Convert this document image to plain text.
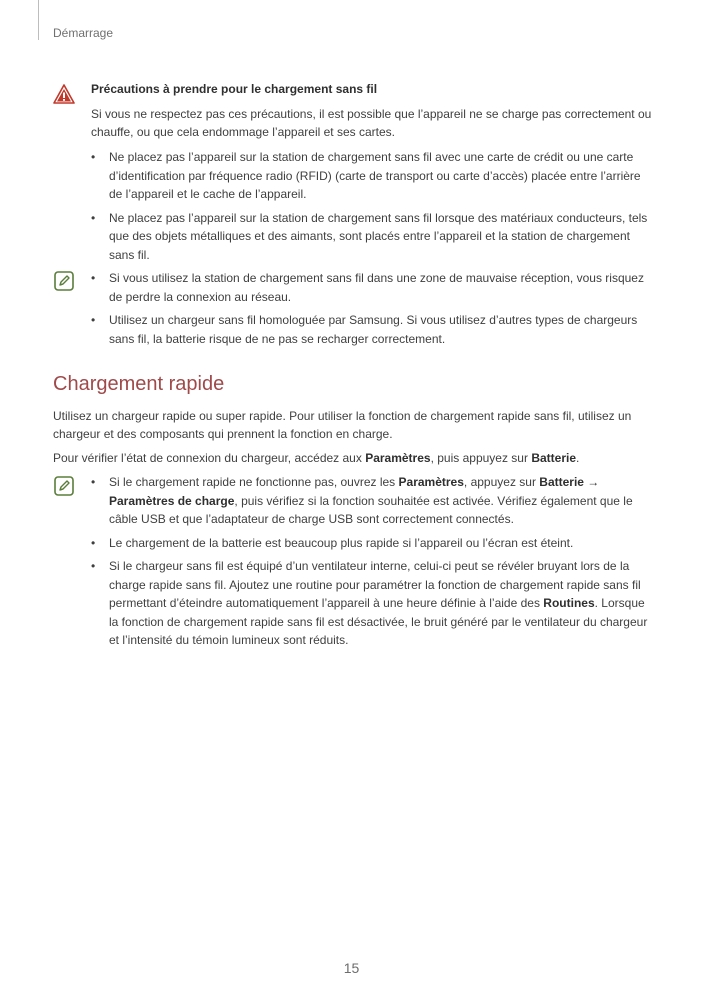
Démarrage
Précautions à prendre pour le chargement sans fil

Si vous ne respectez pas ces précautions, il est possible que l’appareil ne se charge pas correctement ou chauffe, ou que cela endommage l’appareil et ses cartes.

• Ne placez pas l’appareil sur la station de chargement sans fil avec une carte de crédit ou une carte d’identification par fréquence radio (RFID) (carte de transport ou carte d’accès) placée entre l’arrière de l’appareil et le cache de l’appareil.
• Ne placez pas l’appareil sur la station de chargement sans fil lorsque des matériaux conducteurs, tels que des objets métalliques et des aimants, sont placés entre l’appareil et la station de chargement sans fil.
• Si vous utilisez la station de chargement sans fil dans une zone de mauvaise réception, vous risquez de perdre la connexion au réseau.
• Utilisez un chargeur sans fil homologuée par Samsung. Si vous utilisez d’autres types de chargeurs sans fil, la batterie risque de ne pas se recharger correctement.
Chargement rapide

Utilisez un chargeur rapide ou super rapide. Pour utiliser la fonction de chargement rapide sans fil, utilisez un chargeur et des composants qui prennent la fonction en charge.

Pour vérifier l’état de connexion du chargeur, accédez aux Paramètres, puis appuyez sur Batterie.

• Si le chargement rapide ne fonctionne pas, ouvrez les Paramètres, appuyez sur Batterie → Paramètres de charge, puis vérifiez si la fonction souhaitée est activée. Vérifiez également que le câble USB et que l’adaptateur de charge USB sont correctement connectés.
• Le chargement de la batterie est beaucoup plus rapide si l’appareil ou l’écran est éteint.
• Si le chargeur sans fil est équipé d’un ventilateur interne, celui-ci peut se révéler bruyant lors de la charge rapide sans fil. Ajoutez une routine pour paramétrer la fonction de chargement rapide sans fil permettant d’éteindre automatiquement l’appareil à une heure définie à l’aide des Routines. Lorsque la fonction de chargement rapide sans fil est désactivée, le bruit généré par le ventilateur du chargeur et l’intensité du témoin lumineux sont réduits.
15
